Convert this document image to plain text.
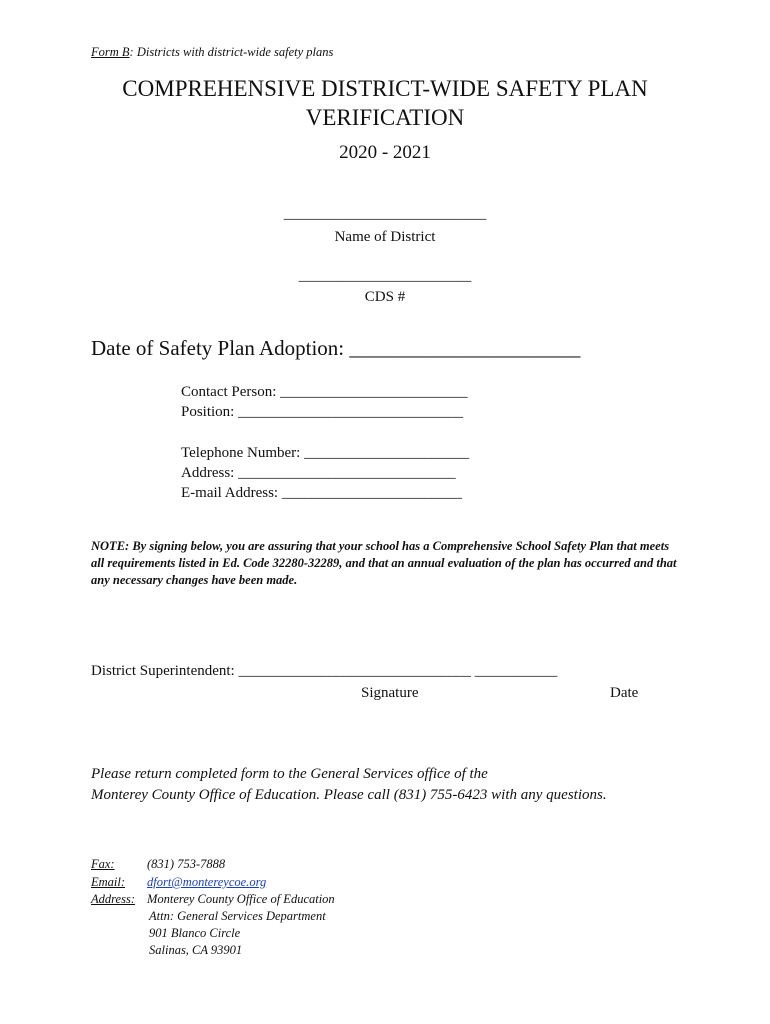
Form B: Districts with district-wide safety plans
COMPREHENSIVE DISTRICT-WIDE SAFETY PLAN
VERIFICATION
2020 - 2021
___________________________
Name of District
_______________________
CDS #
Date of Safety Plan Adoption: ______________________
Contact Person: _________________________
Position: ______________________________
Telephone Number: ______________________
Address: _____________________________
E-mail Address: ________________________
NOTE: By signing below, you are assuring that your school has a Comprehensive School Safety Plan that meets all requirements listed in Ed. Code 32280-32289, and that an annual evaluation of the plan has occurred and that any necessary changes have been made.
District Superintendent: _______________________________ ___________
Signature	Date
Please return completed form to the General Services office of the
Monterey County Office of Education. Please call (831) 755-6423 with any questions.
Fax:	(831) 753-7888
Email: dfort@montereycoe.org
Address: Monterey County Office of Education
Attn: General Services Department
901 Blanco Circle
Salinas, CA 93901
